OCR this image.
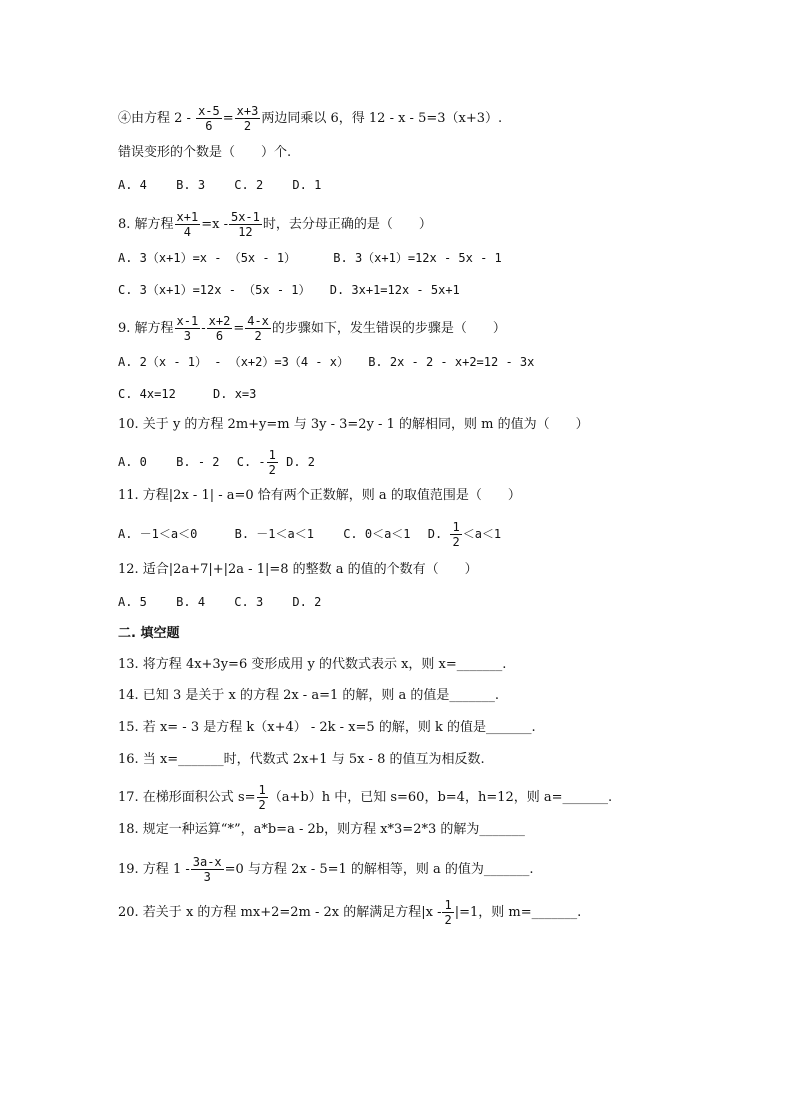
④由方程 $2 - \frac{x-5}{6} = \frac{x+3}{2}$ 两边同乘以 6，得 12 - x - 5=3（x+3）.
错误变形的个数是（　　）个.
A. 4 B. 3 C. 2 D. 1
8. 解方程 $\frac{x+1}{4} =x - \frac{5x-1}{12}$ 时，去分母正确的是（　　）
A. 3（x+1）=x - （5x - 1）	B. 3（x+1）=12x - 5x - 1
C. 3（x+1）=12x - （5x - 1） D. 3x+1=12x - 5x+1
9. 解方程 $\frac{x-1}{3} - \frac{x+2}{6} = \frac{4-x}{2}$ 的步骤如下，发生错误的步骤是（　　）
A. 2（x - 1） - （x+2）=3（4 - x） B. 2x - 2 - x+2=12 - 3x
C. 4x=12	D. x=3
10. 关于 y 的方程 2m+y=m 与 3y - 3=2y - 1 的解相同，则 m 的值为（　　）
A. 0 B. - 2 C. - $\frac{1}{2} D$. 2
11. 方程|2x - 1| - a=0 恰有两个正数解，则 a 的取值范围是（　　）
A. －1＜a＜0	B. －1＜a＜1 C. 0＜a＜1 D. $\frac{1}{2} <a<1$
12. 适合|2a+7|+|2a - 1|=8 的整数 a 的值的个数有（　　）
A. 5 B. 4 C. 3 D. 2
二. 填空题
13. 将方程 4x+3y=6 变形成用 y 的代数式表示 x，则 x=_______.
14. 已知 3 是关于 x 的方程 2x - a=1 的解，则 a 的值是_______.
15. 若 x= - 3 是方程 k（x+4） - 2k - x=5 的解，则 k 的值是_______.
16. 当 x=_______时，代数式 2x+1 与 5x - 8 的值互为相反数.
17. 在梯形面积公式 $s= \frac{1}{2} (a+b)h$ 中，已知 s=60，b=4，h=12，则 a=_______.
18. 规定一种运算“*”，a*b=a - 2b，则方程 x*3=2*3 的解为_______
19. 方程 $1 - \frac{3a-x}{3} =0$ 与方程 2x - 5=1 的解相等，则 a 的值为_______.
20. 若关于 x 的方程 mx+2=2m - 2x 的解满足方程$|x - \frac{1}{2} |=1$，则 m=_______.
